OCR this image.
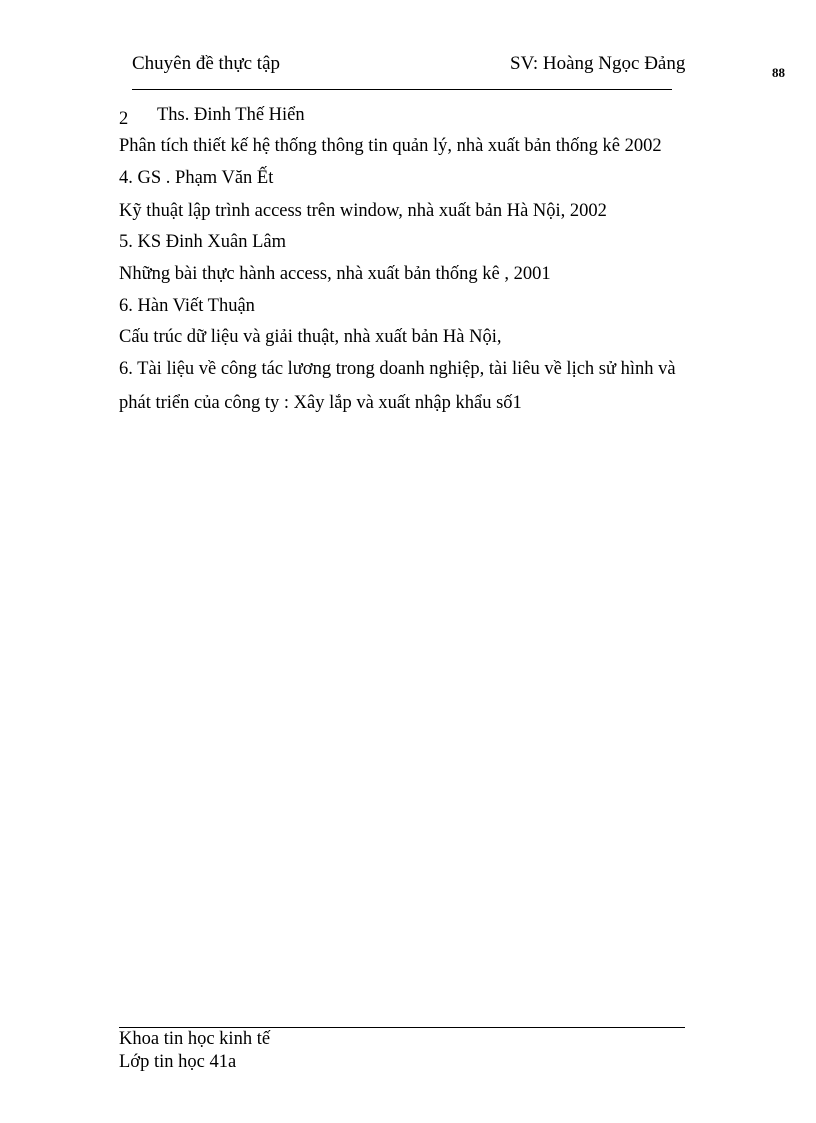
Chuyên đề thực tập	SV: Hoàng Ngọc Đảng	88
2 Ths. Đinh Thế Hiển
Phân tích thiết kế hệ thống thông tin quản lý, nhà xuất bản thống kê 2002
4. GS . Phạm Văn Ết
Kỹ thuật lập trình access trên window, nhà xuất bản Hà Nội, 2002
5. KS Đinh Xuân Lâm
Những bài thực hành access, nhà xuất bản thống kê , 2001
6. Hàn Viết Thuận
Cấu trúc dữ liệu và giải thuật, nhà xuất bản Hà Nội,
6. Tài liệu về công tác lương trong doanh nghiệp, tài liêu về lịch sử hình và
phát triển của công ty : Xây lắp và xuất nhập khẩu số1
Khoa tin học kinh tế
Lớp tin học 41a
